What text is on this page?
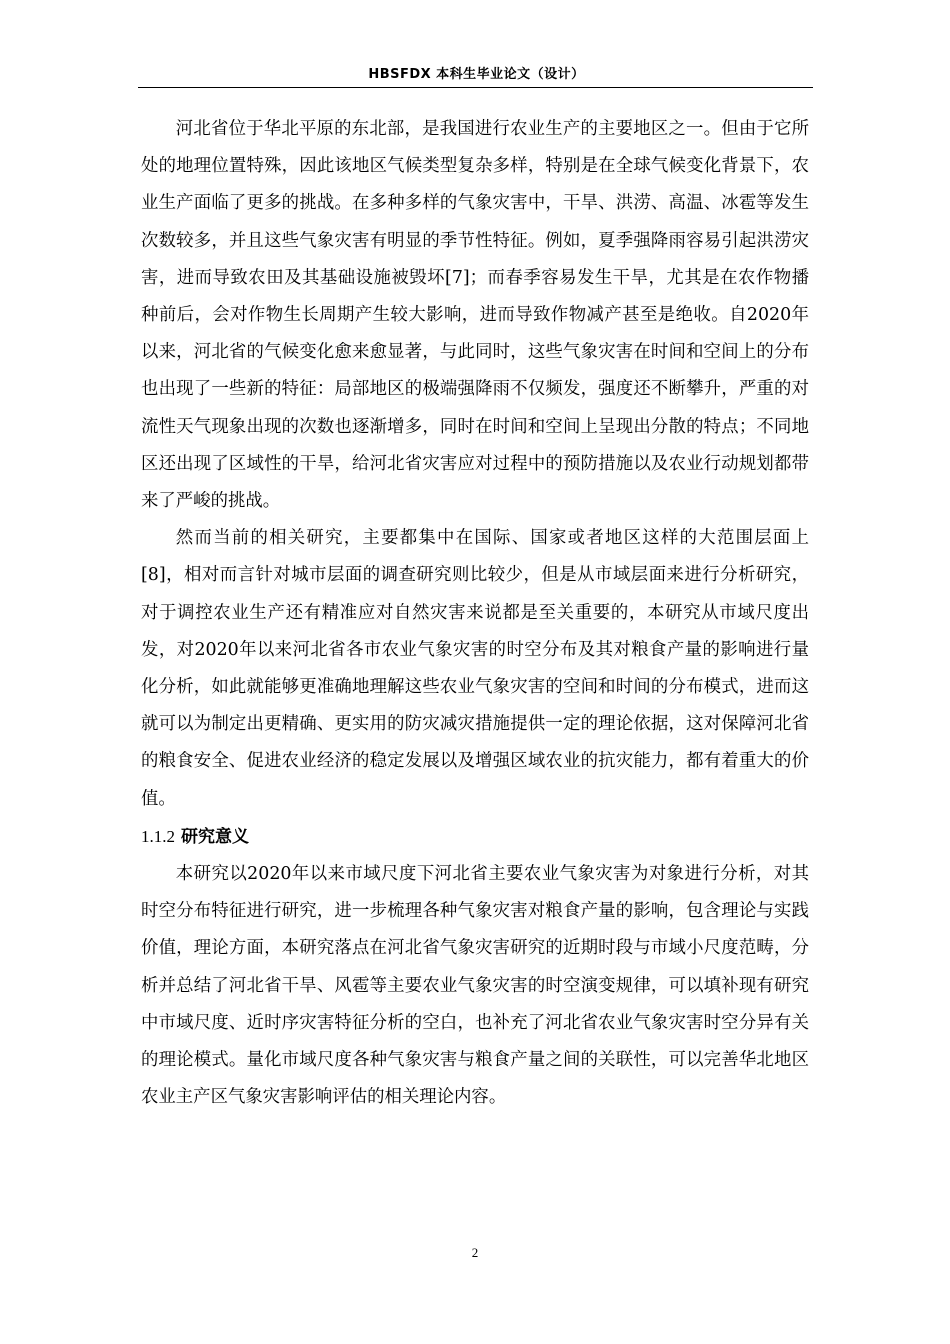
HBSFDX 本科生毕业论文（设计）

河北省位于华北平原的东北部，是我国进行农业生产的主要地区之一。但由于它所处的地理位置特殊，因此该地区气候类型复杂多样，特别是在全球气候变化背景下，农业生产面临了更多的挑战。在多种多样的气象灾害中，干旱、洪涝、高温、冰雹等发生次数较多，并且这些气象灾害有明显的季节性特征。例如，夏季强降雨容易引起洪涝灾害，进而导致农田及其基础设施被毁坏[7]；而春季容易发生干旱，尤其是在农作物播种前后，会对作物生长周期产生较大影响，进而导致作物减产甚至是绝收。自2020年以来，河北省的气候变化愈来愈显著，与此同时，这些气象灾害在时间和空间上的分布也出现了一些新的特征：局部地区的极端强降雨不仅频发，强度还不断攀升，严重的对流性天气现象出现的次数也逐渐增多，同时在时间和空间上呈现出分散的特点；不同地区还出现了区域性的干旱，给河北省灾害应对过程中的预防措施以及农业行动规划都带来了严峻的挑战。

然而当前的相关研究，主要都集中在国际、国家或者地区这样的大范围层面上[8]，相对而言针对城市层面的调查研究则比较少，但是从市域层面来进行分析研究，对于调控农业生产还有精准应对自然灾害来说都是至关重要的，本研究从市域尺度出发，对2020年以来河北省各市农业气象灾害的时空分布及其对粮食产量的影响进行量化分析，如此就能够更准确地理解这些农业气象灾害的空间和时间的分布模式，进而这就可以为制定出更精确、更实用的防灾减灾措施提供一定的理论依据，这对保障河北省的粮食安全、促进农业经济的稳定发展以及增强区域农业的抗灾能力，都有着重大的价值。

1.1.2 研究意义

本研究以2020年以来市域尺度下河北省主要农业气象灾害为对象进行分析，对其时空分布特征进行研究，进一步梳理各种气象灾害对粮食产量的影响，包含理论与实践价值，理论方面，本研究落点在河北省气象灾害研究的近期时段与市域小尺度范畴，分析并总结了河北省干旱、风雹等主要农业气象灾害的时空演变规律，可以填补现有研究中市域尺度、近时序灾害特征分析的空白，也补充了河北省农业气象灾害时空分异有关的理论模式。量化市域尺度各种气象灾害与粮食产量之间的关联性，可以完善华北地区农业主产区气象灾害影响评估的相关理论内容。

2
